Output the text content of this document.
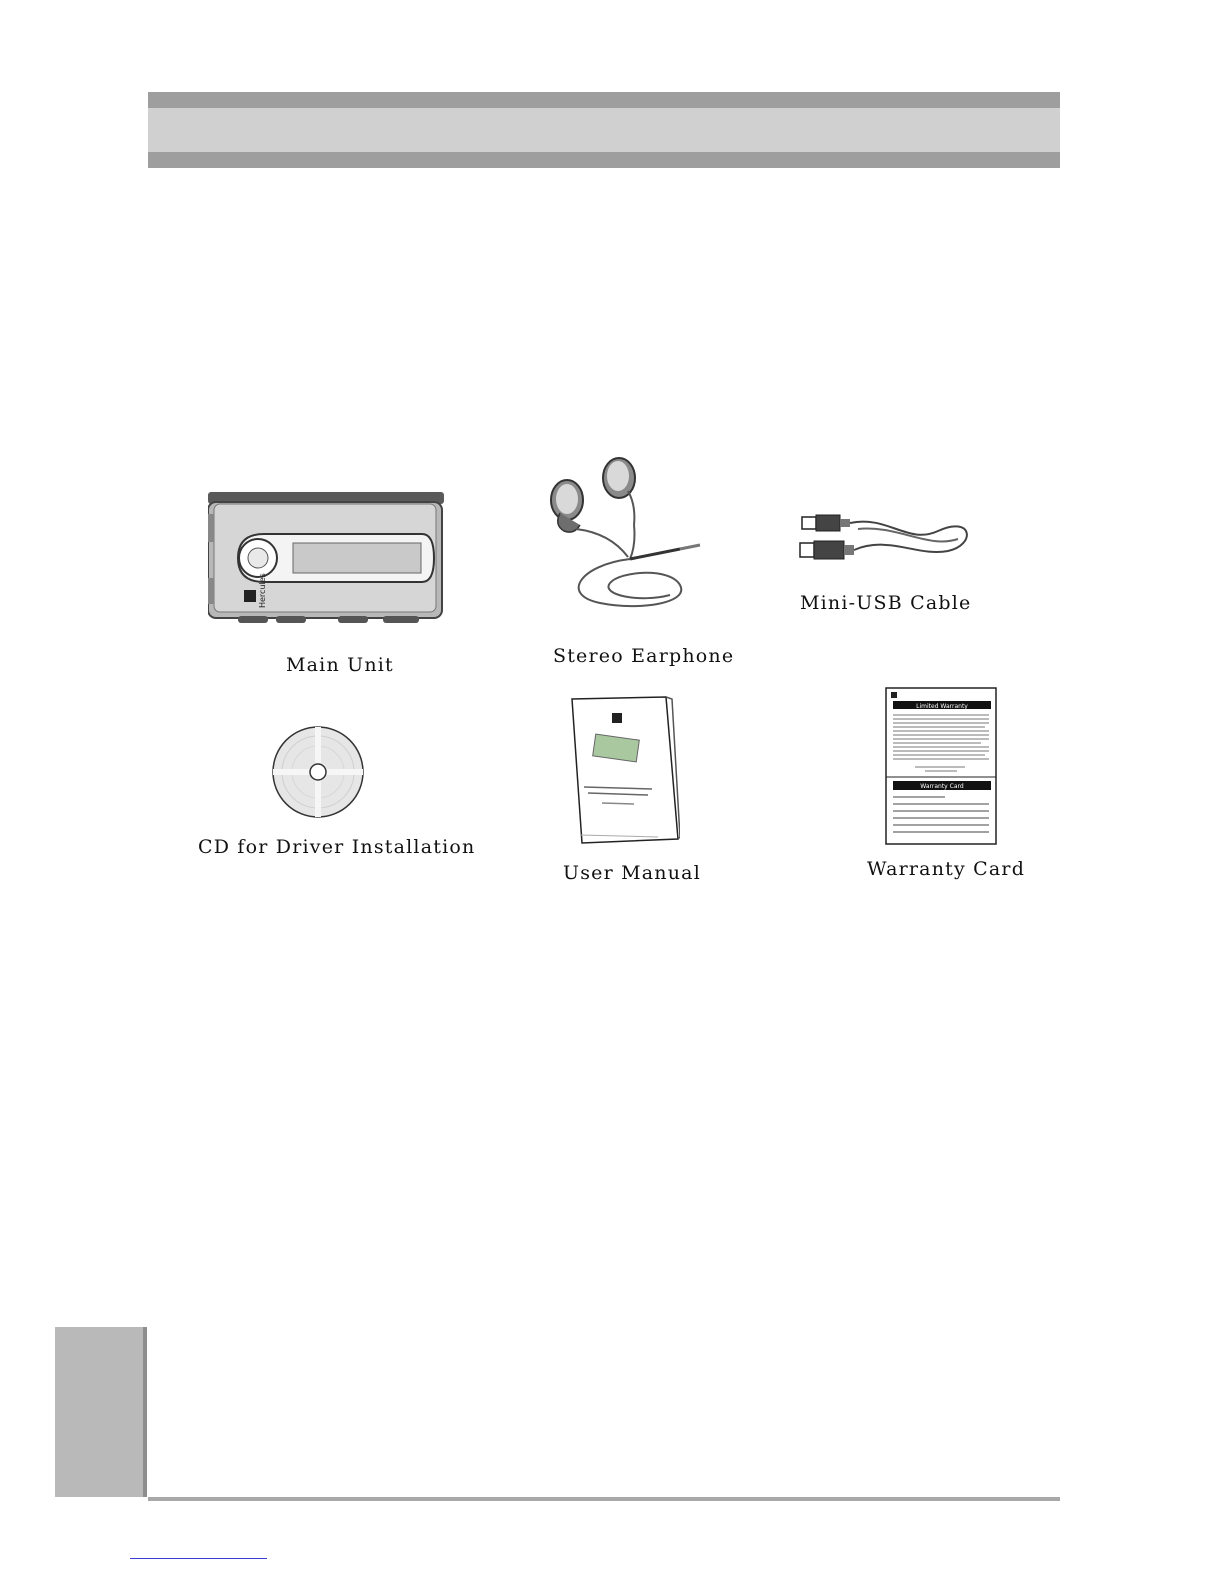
Hercules
Main Unit	Stereo Earphone
Mini-USB Cable
CD for Driver Installation
User Manual
Limited Warranty
Warranty Card
Warranty Card
